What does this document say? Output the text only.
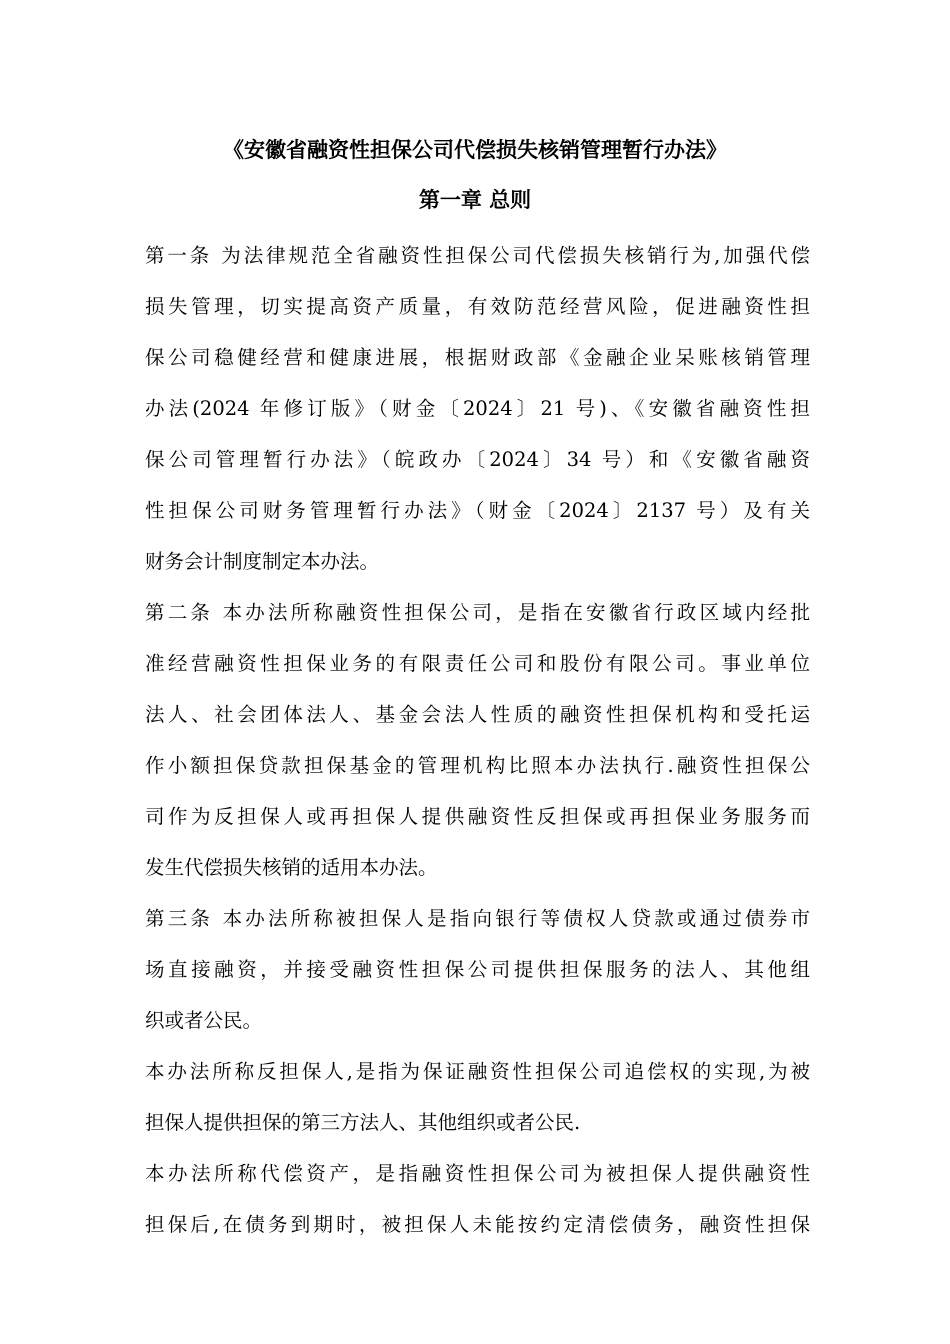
《安徽省融资性担保公司代偿损失核销管理暂行办法》
第一章 总则
第一条 为法律规范全省融资性担保公司代偿损失核销行为,加强代偿
损失管理，切实提高资产质量，有效防范经营风险，促进融资性担
保公司稳健经营和健康进展，根据财政部《金融企业呆账核销管理
办法(2024 年修订版》（财金〔2024〕21 号)、《安徽省融资性担
保公司管理暂行办法》（皖政办〔2024〕34 号）和《安徽省融资
性担保公司财务管理暂行办法》（财金〔2024〕2137 号）及有关
财务会计制度制定本办法。
第二条 本办法所称融资性担保公司，是指在安徽省行政区域内经批
准经营融资性担保业务的有限责任公司和股份有限公司。事业单位
法人、社会团体法人、基金会法人性质的融资性担保机构和受托运
作小额担保贷款担保基金的管理机构比照本办法执行.融资性担保公
司作为反担保人或再担保人提供融资性反担保或再担保业务服务而
发生代偿损失核销的适用本办法。
第三条 本办法所称被担保人是指向银行等债权人贷款或通过债券市
场直接融资，并接受融资性担保公司提供担保服务的法人、其他组
织或者公民。
本办法所称反担保人,是指为保证融资性担保公司追偿权的实现,为被
担保人提供担保的第三方法人、其他组织或者公民.
本办法所称代偿资产，是指融资性担保公司为被担保人提供融资性
担保后,在债务到期时，被担保人未能按约定清偿债务，融资性担保
